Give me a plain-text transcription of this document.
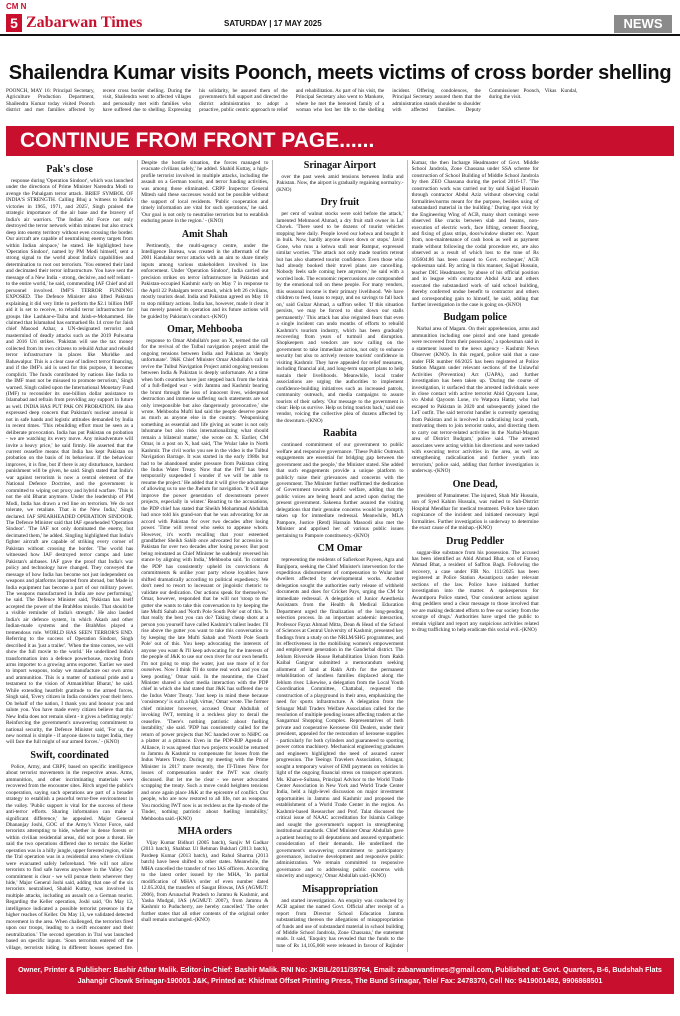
CM N
5 Zabarwan Times	SATURDAY | 17 MAY 2025	NEWS
Shailendra Kumar visits Poonch, meets victims of cross border shelling
POONCH, MAY 16: Principal Secretary, Agriculture Production Department, Shailendra Kumar today visited Poonch district and met families affected by recent cross border shelling. During the visit, Shailendra went to affected villages and personally met with families who have suffered due to shelling. Expressing his solidarity, he assured them of the government's full support and directed the district administration to adopt a proactive, public centric approach to relief and rehabilitation. As part of his visit, the Principal Secretary also went to Mankote, where he met the bereaved family of a woman who lost her life to the shelling incident. Offering condolences, the Principal Secretary assured them that the administration stands shoulder to shoulder with affected families. Deputy Commissioner Poonch, Vikas Kundal, during the visit.
CONTINUE FROM FRONT PAGE......
Pak's close

response during 'Operation Sindoor', which was launched under the directions of Prime Minister Narendra Modi to avenge the Pahalgam terror attack. BRIEF SYMBOL OF INDIA'S STRENGTH. Calling Bhuj a 'witness to India's victories in 1965, 1971, and 2025', Singh praised the strategic importance of the air base and the bravery of India's air warriors. 'The Indian Air Force not only destroyed the terror network within minutes but also struck deep into enemy territory without even crossing the border. Our aircraft are capable of neutralising enemy targets from within Indian airspace,' he stated. He highlighted how 'Operation Sindoor', named by PM Modi himself, sent a strong signal to the world about India's capabilities and determination to root out terrorism. 'You entered their land and decimated their terror infrastructure. You have sent the message of a New India - strong, decisive, and self reliant - to the entire world,' he said, commending IAF Chief and all personnel involved. IMF'S TERROR FUNDING EXPOSED. The Defence Minister also lifted Pakistan explaining it did very little to perform the $2.1 billion IMF aid it is set to receive, to rebuild terror infrastructure for groups like Lashkar-e-Taiba and Jaish-e-Mohammed. He claimed that Islamabad has earmarked Rs 14 crore for Jaish chief Masood Azhar, a UN-designated terrorist and mastermind of deadly attacks such as the 2019 Pulwama and 2016 Uri strikes. 'Pakistan will use the tax money collected from its own citizens to rebuild Azhar and rebuild terror infrastructure in places like Muridke and Bahawalpur. This is a clear case of indirect terror financing, and if the IMF's aid is used for this purpose, it becomes complicit. The funds contributed by nations like India to the IMF must not be misused to promote terrorism,' Singh warned. Singh called upon the International Monetary Fund (IMF) to reconsider its one-billion dollar assistance to Islamabad and refrain from providing any support in future as well. INDIA HAS PUT PAK ON PROBATION. He also expressed deep concern that Pakistan's nuclear arsenal is not in safe hands and logistic attitudes demanded by India in recent times. 'This rebuilding effort must be seen as a deliberate provocation. India has put Pakistan on probation - we are watching its every move. Any misadventure will invite a heavy price,' he said firmly. He asserted that the current ceasefire means that India has kept Pakistan on probation on the basis of its behaviour. If the behaviour improves, it is fine, but if there is any disturbance, harshest punishment will be given, he said. Singh stated that India's war against terrorism is now a central element of the National Defence Doctrine, and the government is committed to wiping out proxy and hybrid warfare. 'This is not the old Bharat anymore. Under the leadership of PM Modi, India has drawn a red line on terrorism. We do not tolerate, we retaliate. That is the New India,' Singh declared. IAF SPEARHEADED OPERATION SINDOOR. The Defence Minister said that IAF spearheaded 'Operation Sindoor'. 'The IAF not only dominated the enemy, but decimated them,' he added. Singling highlighted that India's fighter aircraft are capable of striking every corner of Pakistan without crossing the border. 'The world has witnessed how IAF destroyed terror camps and later Pakistan's airbases. IAF gave the proof that India's war policy and technology have changed. They conveyed the message of how India has become not just independent on weapons and platforms imported from abroad, but Made in India equipment has become a part of our military power. The weapons manufactured in India are now performing,' he said. The Defence Minister said, 'Pakistan has itself accepted the power of the BrahMos missile. That should be a visible reminder of India's strength.' He also lauded India's air defence system, in which Akash and other Indian-made systems and the BrahMos played a tremendous role. WORLD HAS SEEN TERROR'S END. Referring to the success of Operation Sindoor, Singh described it as 'just a trailer'. 'When the time comes, we will show the full movie to the world.' He underlined India's transformation into a defence powerhouse, moving from arms importer to a growing arms exporter. 'Earlier we used to import weapons, today we manufacture our own arms and ammunition. This is a matter of national pride and a testament to the vision of Atmanirbhar Bharat,' he said. While extending heartfelt gratitude to the armed forces, Singh said, 'Every citizen in India considers your their hero. On behalf of the nation, I thank you and honour you and salute you. You have made every citizen believe that this New India does not remain silent - it gives a befitting reply.' Reinforcing the government's unwavering commitment to national security, the Defence Minister said, 'For us, the new normal is simple - if anyone dares to target India, they will face the full might of our armed forces.' - (KNO)

Swift, coordinated

Police, Army, and CRPF, based on specific intelligence about terrorist movements in the respective areas. Arms, ammunition, and other incriminating materials were recovered from the encounter sites. Birch urged the public's cooperation, saying such operations are part of a broader strategy to establish a peaceful terror-free environment in the valley. 'Public support is vital for the success of these anti-terror efforts. Sharing information can make a significant difference,' he appealed. Major General Dhananjay Joshi, GOC of the Army's Victor Force, said terrorists attempting to hide, whether in dense forests or within civilian residential areas, did not pose a threat. He said the two operations differed due to terrain: the Keller operation was in a hilly jungle, upper forested region, while the Tral operation was in a residential area where civilians were evacuated safely beforehand. 'We will not allow terrorists to find safe havens anywhere in the Valley. Our commitment is clear - we will pursue them wherever they hide,' Major General Joshi said, adding that one of the six terrorists neutralised, Shahid Kuttay, was involved in multiple attacks, including an assault on a German tourist. Regarding the Keller operation, Joshi said, 'On May 12, intelligence indicated a possible terrorist presence in the higher reaches of Keller. On May 13, we validated detected movement in the area. When challenged, the terrorists fired upon our troops, leading to a swift encounter and their neutralization.' The second operation in Tral was launched based on specific inputs. 'Soon terrorists entered off the village, terrorists hiding in different houses opened fire. Despite the hostile situation, the forces managed to evacuate civilians safely,' he added. Shahid Kuttay, a high-profile terrorist involved in multiple attacks, including the assault on a German tourist, and terror funding activities, was among those eliminated. CRPF Inspector General Mitesh said these successes would not be possible without the support of local residents. 'Public cooperation and timely information are vital for such operations,' he said. 'Our goal is not only to neutralise terrorists but to establish enduring peace in the region.' - (KNO)

Amit Shah

Pertinently, the multi-agency centre, under the Intelligence Bureau, was created in the aftermath of the 2001 Kandahar terror attacks with an aim to share timely inputs among various stakeholders involved in law enforcement. Under 'Operation Sindoor', India carried out precision strikes on terror infrastructure in Pakistan and Pakistan-occupied Kashmir early on May 7 in response to the April 22 Pahalgam terror attack, which left 26 civilians, mostly tourists dead. India and Pakistan agreed on May 10 to stop military actions. India has, however, made it clear it has merely paused its operation and its future actions will be guided by Pakistan's conduct.-(KNO)

Omar, Mehbooba

response to Omar Abdullah's post on X, termed the call for the revival of the Tulbul navigation project amid the ongoing tensions between India and Pakistan as 'deeply unfortunate'. 'J&K Chief Minister Omar Abdullah's call to revive the Tulbul Navigation Project amid ongoing tensions between India & Pakistan is deeply unfortunate. At a time when both countries have just stepped back from the brink of a full-fledged war - with Jammu and Kashmir bearing the brunt through the loss of innocent lives, widespread destruction and immense suffering such statements are not only irresponsible but also dangerously provocative,' she wrote. Mehbooba Mufti had said the people deserve peace as much as anyone else in the country. 'Weaponising something as essential and life giving as water is not only inhumane but also risks internationalizing what should remain a bilateral matter,' she wrote on X. Earlier, CM Omar, in a post on X, had said, 'The Wular lake in North Kashmir. The civil works you see in the video is the Tulbul Navigation Barrage. It was started in the early 1980s but had to be abandoned under pressure from Pakistan citing the Indus Water Treaty. Now that the IWT has been temporarily suspended I wonder if we will be able to resume the project.' He added that it will give the advantage of allowing us to use the Jhelum for navigation. 'It will also improve the power generation of downstream power projects, especially in winter.' Reacting to the accusations, the PDP chief has stated that Sheikh Mohammad Abdullah had once told his grand-son that he was advocating for an accord with Pakistan for over two decades after losing power. 'Time will reveal who seeks to appease whom. However, it's worth recalling that your esteemed grandfather Sheikh Sahib once advocated for accession to Pakistan for over two decades after losing power. But post being reinstated as Chief Minister he suddenly reversed his stance by aligning with India,' Mehbooba said. 'In contrast the PDP has consistently upheld its convictions & commitments & unlike your party whose loyalties have shifted dramatically according to political expediency. We don't need to resort to incessant or jingoistic rhetoric to validate our dedication. Our actions speak for themselves.' Omar, however, responded that he will not 'stoop to the gutter she wants to take this conversation to by keeping the late Mufti Sahab and 'North Pole South Pole' out of this. 'Is that really the best you can do? Taking cheap shots at a person you yourself have called Kashmir's tallest leader. I'll rise above the gutter you want to take this conversation to by keeping the late Mufti Sahab and 'North Pole South Pole' out of this. You keep advocating the interests of anyone you want & I'll keep advocating for the interests of the people of J&K to use our own river for our own benefit. I'm not going to stop the water, just use more of it for ourselves. Now I think I'll do some real work and you can keep posting,' Omar said. In the meantime, the Chief Minister shared a short media interaction with the PDP chief in which she had stated that J&K has suffered due to the Indus Water Treaty. 'Just keep in mind these because 'consistency' is such a high virtue,' Omar wrote. The former chief minister however, accused Omar Abdullah of invoking IWT, terming it a reckless ploy to derail the ceasefire. 'There's nothing patriotic about fuelling instability,' she said. 'PDP has consistently called for the return of power projects that NC handed over to NHPC on a platter at a pittance. Even in the PDP-BJP Agenda of Alliance, it was agreed that two projects would be returned to Jammu & Kashmir to compensate for losses from the Indus Waters Treaty. During my meeting with the Prime Minister in 2017 more recently, the IT-Times Now for losses of compensation under the IWT was clearly discussed. But let me be clear - we never advocated scrapping the treaty. Such a move could heighten tensions and once again place J&K at the epicentre of conflict. Our people, who are now restored to all life, not as weapons. You mocking IWT now is as reckless as the lip-mode of the Tinder, nothing patriotic about fuelling instability,' Mehbooba said.-(KNO)

MHA orders

Vijay Kumar Bidhuri (2005 batch), Sanjiv M Gadkar (2013 batch), Shahbaz Ul Rehman Bukhari (2013 batch), Pardeep Kumar (2013 batch), and Rahul Sharma (2013 batch) have been shifted to other states. Meanwhile, the MHA cancelled the transfer of two IAS officers. According to the latest order issued by the MHA, 'In partial modification of MHA's order of even number dated 12.05.2024, the transfers of Saugat Biswas, IAS (AGMUT: 2006), from Arunachal Pradesh to Jammu & Kashmir, and Yasha Mudgal, IAS (AGMUT: 2007), from Jammu & Kashmir to Puducherry, are hereby cancelled.' The order further states that all other contents of the original order shall remain unchanged.-(KNO)

Srinagar Airport

over the past week amid tensions between India and Pakistan. Now, the airport is gradually regaining normalcy.-(KNO)

Dry fruit

per cent of walnut stocks were sold before the attack,' lamented Mehmood Ahmad, a dry fruit stall owner in Lal Chowk. 'There used to be dozens of tourist vehicles stopping here daily. People loved our kehwa and bought it in bulk. Now, hardly anyone slows down or stops.' Javid Gone, who runs a kehwa stall near Rampur, expressed similar worries. 'The attack not only made tourists retreat but has also shattered tourist confidence. Even those who had already booked their travel plans are cancelling. Nobody feels safe coming here anymore,' he said with a worried look. The economic repercussions are compounded by the emotional toll on these people. For many vendors, this seasonal income is their primary livelihood. 'We have children to feed, loans to repay, and no savings to fall back on,' said Gulzar Ahmad, a saffron seller. 'If this situation persists, we may be forced to shut down our stalls permanently.' This attack has also reignited fears that even a single incident can undo months of efforts to rebuild Kashmir's tourism industry, which has been gradually recovering from years of turmoil and disruption. Shopkeepers and vendors are now calling on the government to take immediate action, not only to enhance security but also to actively restore tourists' confidence in visiting Kashmir. They have appealed for relief measures, including financial aid, and long-term support plans to help sustain their livelihoods. Meanwhile, local trader associations are urging the authorities to implement confidence-building initiatives such as increased patrols, community outreach, and media campaigns to assure tourists of their safety. 'Our message to the government is clear: Help us survive. Help us bring tourists back,' said one vendor, voicing the collective plea of dozens affected by the downturn.-(KNO)

Raabita

continued commitment of our government to public welfare and responsive governance. 'These Public Outreach engagements are essential for bridging gap between the government and the people,' the Minister stated. She added that such engagements provide a unique platform to publicly raise their grievances and concerns with the government. The Minister further reaffirmed the dedication of Government towards public welfare, adding that the public voices are being heard and acted upon during the present government. Sakeena further assured the visiting delegations that their genuine concerns would be promptly taken up for immediate redressal. Meanwhile, MLA Pampore, Justice (Retd) Hasnain Masoodi also met the Minister and apprised her of various public issues pertaining to Pampore constituency.-(KNO)

CM Omar

representing the residents of Safierkoot Payeen, Agra and Banjipora, seeking the Chief Minister's intervention for the expeditious disbursement of compensation to Wular land dwellers affected by developmental works. Another delegation sought the authorities early release of withheld documents and dues for Cricket Pays, urging the CM for immediate redressal. A delegation of Junior Anesthesia Assistants from the Health & Medical Education Department urged the finalization of the long-pending selection process. In an important academic interaction, Professor Fayaz Ahmad Mitta, Dean & Head of the School of Sciences at Central University of Kashmir, presented key findings from a study on the NRLM/SHG programmes, and its effectiveness in the mobilising women's empowerment and employment generation in the Ganderbal district. The Jehlum Riverside House Rehabilitation Union from Rakh Kaibal Gangyar submitted a memorandum seeking allotment of land at Rakh Arth for the permanent rehabilitation of landless families displaced along the Jehlum river. Likewise, a delegation from the Local Youth Coordination Committee, Chattabal, requested the construction of a playground in their area, emphasizing the need for sports infrastructure. A delegation from the Srinagar Mall Traders Welfare Association called for the resolution of multiple pending issues affecting traders at the Sangarmal Shopping Complex. Representatives of both private and cooperative Kerosene Oil Dealers, under their president, appealed for the restoration of kerosene supplies - particularly for both cylinders and guaranteed to sporting power cotton machinery. Mechanical engineering graduates and engineers highlighted the need of assured career progression. The Teeings Travelers Association, Srinagar, sought a temporary waiver of EMI payments on vehicles in light of the ongoing financial stress on transport operators. Ms. Khan-e-Sultana, Principal Advisor to the World Trade Center Association in New York and World Trade Center India, held a high-level discussion on major investment opportunities in Jammu and Kashmir and proposed the establishment of a World Trade Center in the region. As Kashmir-based Researcher and Prof. Talat discussed the critical issue of NAAC accreditation for Islamia College and sought the government's support in strengthening institutional standards. Chief Minister Omar Abdullah gave a patient hearing to all deputations and assured sympathetic consideration of their demands. He underlined the government's unwavering commitment to participatory governance, inclusive development and responsive public administration. 'We remain committed to responsive governance and to addressing public concerns with sincerity and urgency,' Omar Abdullah said.-(KNO)

Misappropriation

and started investigation. An enquiry was conducted by ACB against the named Govt. Official after receipt of a report from Director School Education Jammu substantiating thereon the allegations of misappropriation of funds and use of substandard material in school building of Middle School Jandrola, Zone Chassana,' the statement reads. It said, 'Enquiry has revealed that the funds to the tune of Rs 14,105,068 were released in favour of Rajinder Kumar, the then Incharge Headmaster of Govt. Middle School Jandrola, Zone Chassana under SSA scheme for construction of School Building of Middle School Jandrola by then ZEO Chassana during the period 2016-17. 'The construction work was carried out by said Sajjad Hussain through contractor Abdul Aziz without observing codal formalities/norms meant for the purpose, besides using of substandard material in the building.' During spot visit by the Engineering Wing of ACB, many short comings were observed like cracks between slab and beams, non-execution of electric work, face lifting, cement flooring, and fixing of glass strips, door/window shutter etc. 'Apart from, non-maintenance of cash book as well as payment made without following the codal procedure etc, are also observed as a result of which loss to the tune of Rs 105604.86 has been caused to Govt. exchequer,' ACB spokesman said. By acting in this manner, Sajjad Hussain, teacher DIC Headmaster, by abuse of his official position and in league with contractor Abdul Aziz and others executed the substandard work of said school building, thereby conferred undue benefit to contractor and others and corresponding gain to himself, he said, adding that further investigation in the case is going on.-(KNO)

Budgam police

Narbal area of Magam. On their apprehension, arms and ammunition including one pistol and one hand grenade were recovered from their possession,' a spokesman said in a statement issued to the news agency - Kashmir News Observer (KNO). In this regard, police said that a case under FIR number 66/2025 has been registered at Police Station Magam under relevant sections of the Unlawful Activities (Prevention) Act (UAPA), and further investigation has been taken up. 'During the course of investigation, it surfaced that the arrested individuals were in close contact with active terrorist Abid Qayoom Lone, s/o Abdul Qayoom Lone, r/o Watpora Hattar, who had escaped to Pakistan in 2020 and subsequently joined the LeT outfit. The said terrorist handler is currently operating from Pakistan and is involved in radicalising local youth, motivating them to join terrorist ranks, and directing them to carry out terror-related activities in the Narbal-Magam area of District Budgam,' police said. 'The arrested associates were acting within his directions and were tasked with executing terror activities in the area, as well as strengthening radicalisation and further youth into terrorism,' police said, adding that further investigation is underway.-(KNO)

One Dead,

president of Patnaimeter. The injured, Shah Mir Hussain, son of Syed Kahim Hussain, was rushed to Sub-District Hospital Mendhar for medical treatment. Police have taken cognizance of the incident and initiated necessary legal formalities. Further investigation is underway to determine the exact cause of the mishap.-(KNO)

Drug Peddler

suggar-like substance from his possession. The accused has been identified as Abid Ahmad Bhat, son of Farooq Ahmad Bhat, a resident of Saffron Bagh. Following the recovery, a case under FIR No. 111/2025 has been registered at Police Station Awantipora under relevant sections of the law. Police have initiated further investigation into the matter. A spokesperson for Awantipora Police stated, 'Our consistent actions against drug peddlers send a clear message to those involved that we are making dedicated efforts to free our society from the scourge of drugs.' Authorities have urged the public to remain vigilant and report any suspicious activities related to drug trafficking to help eradicate this social evil.-(KNO)

Owner, Printer & Publisher: Bashir Athar Malik. Editor-in-Chief: Bashir Malik. RNI No: JKBIL/2011/39764, Email: zabarwantimes@gmail.com, Published at: Govt. Quarters, B-6, Budshah Flats
Jahangir Chowk Srinagar-190001 J&K, Printed at: Khidmat Offset Printing Press, The Bund Srinagar, Tele/ Fax: 2478370, Cell No: 9419001492, 9906868501
